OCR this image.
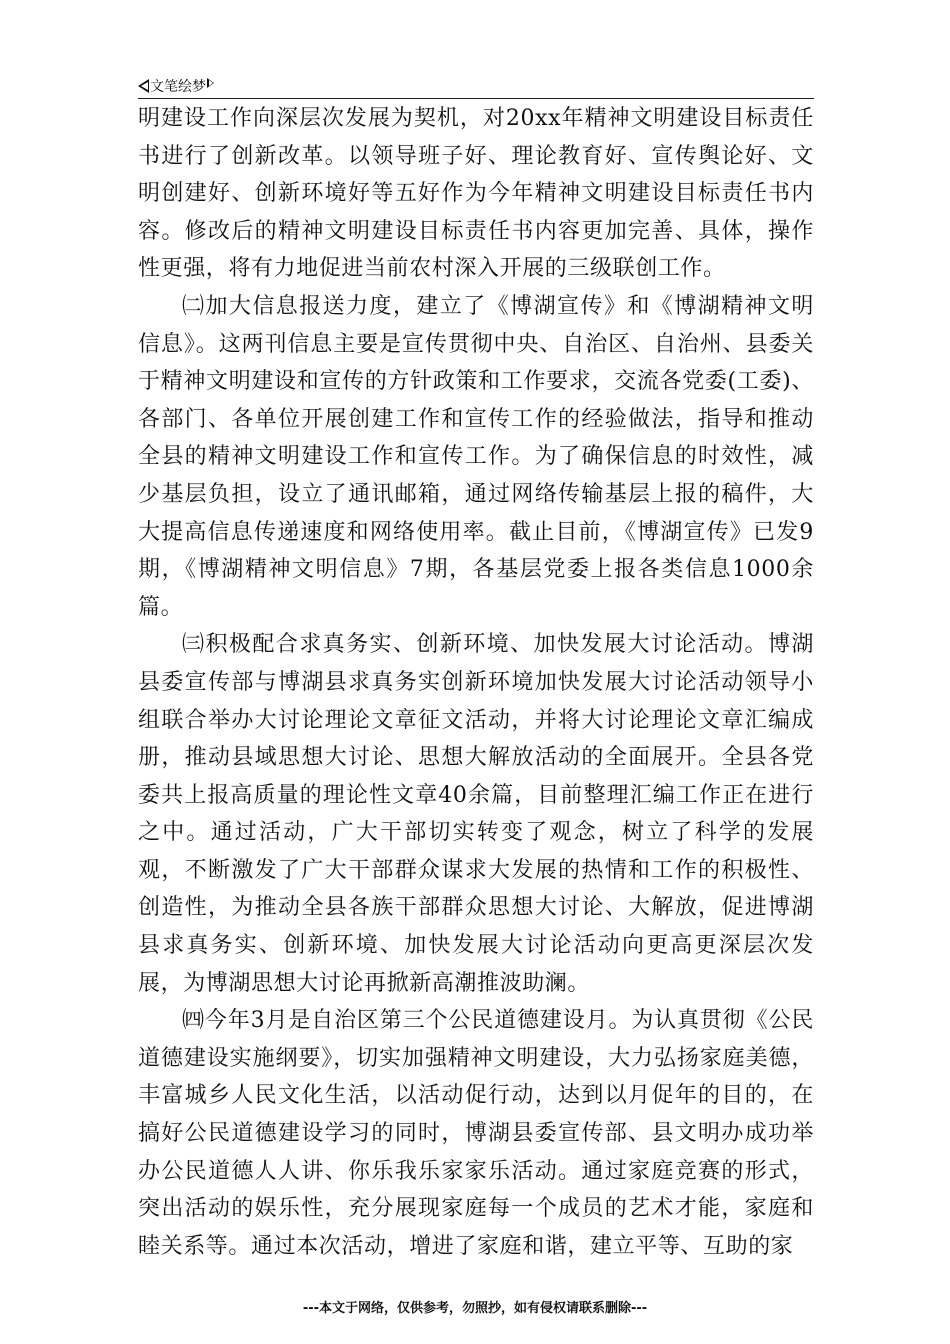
文笔绘梦

明建设工作向深层次发展为契机，对20xx年精神文明建设目标责任书进行了创新改革。以领导班子好、理论教育好、宣传舆论好、文明创建好、创新环境好等五好作为今年精神文明建设目标责任书内容。修改后的精神文明建设目标责任书内容更加完善、具体，操作性更强，将有力地促进当前农村深入开展的三级联创工作。

㈡加大信息报送力度，建立了《博湖宣传》和《博湖精神文明信息》。这两刊信息主要是宣传贯彻中央、自治区、自治州、县委关于精神文明建设和宣传的方针政策和工作要求，交流各党委(工委)、各部门、各单位开展创建工作和宣传工作的经验做法，指导和推动全县的精神文明建设工作和宣传工作。为了确保信息的时效性，减少基层负担，设立了通讯邮箱，通过网络传输基层上报的稿件，大大提高信息传递速度和网络使用率。截止目前，《博湖宣传》已发9期，《博湖精神文明信息》7期，各基层党委上报各类信息1000余篇。

㈢积极配合求真务实、创新环境、加快发展大讨论活动。博湖县委宣传部与博湖县求真务实创新环境加快发展大讨论活动领导小组联合举办大讨论理论文章征文活动，并将大讨论理论文章汇编成册，推动县域思想大讨论、思想大解放活动的全面展开。全县各党委共上报高质量的理论性文章40余篇，目前整理汇编工作正在进行之中。通过活动，广大干部切实转变了观念，树立了科学的发展观，不断激发了广大干部群众谋求大发展的热情和工作的积极性、创造性，为推动全县各族干部群众思想大讨论、大解放，促进博湖县求真务实、创新环境、加快发展大讨论活动向更高更深层次发展，为博湖思想大讨论再掀新高潮推波助澜。

㈣今年3月是自治区第三个公民道德建设月。为认真贯彻《公民道德建设实施纲要》，切实加强精神文明建设，大力弘扬家庭美德，丰富城乡人民文化生活，以活动促行动，达到以月促年的目的，在搞好公民道德建设学习的同时，博湖县委宣传部、县文明办成功举办公民道德人人讲、你乐我乐家家乐活动。通过家庭竞赛的形式，突出活动的娱乐性，充分展现家庭每一个成员的艺术才能，家庭和睦关系等。通过本次活动，增进了家庭和谐，建立平等、互助的家

---本文于网络，仅供参考，勿照抄，如有侵权请联系删除---
